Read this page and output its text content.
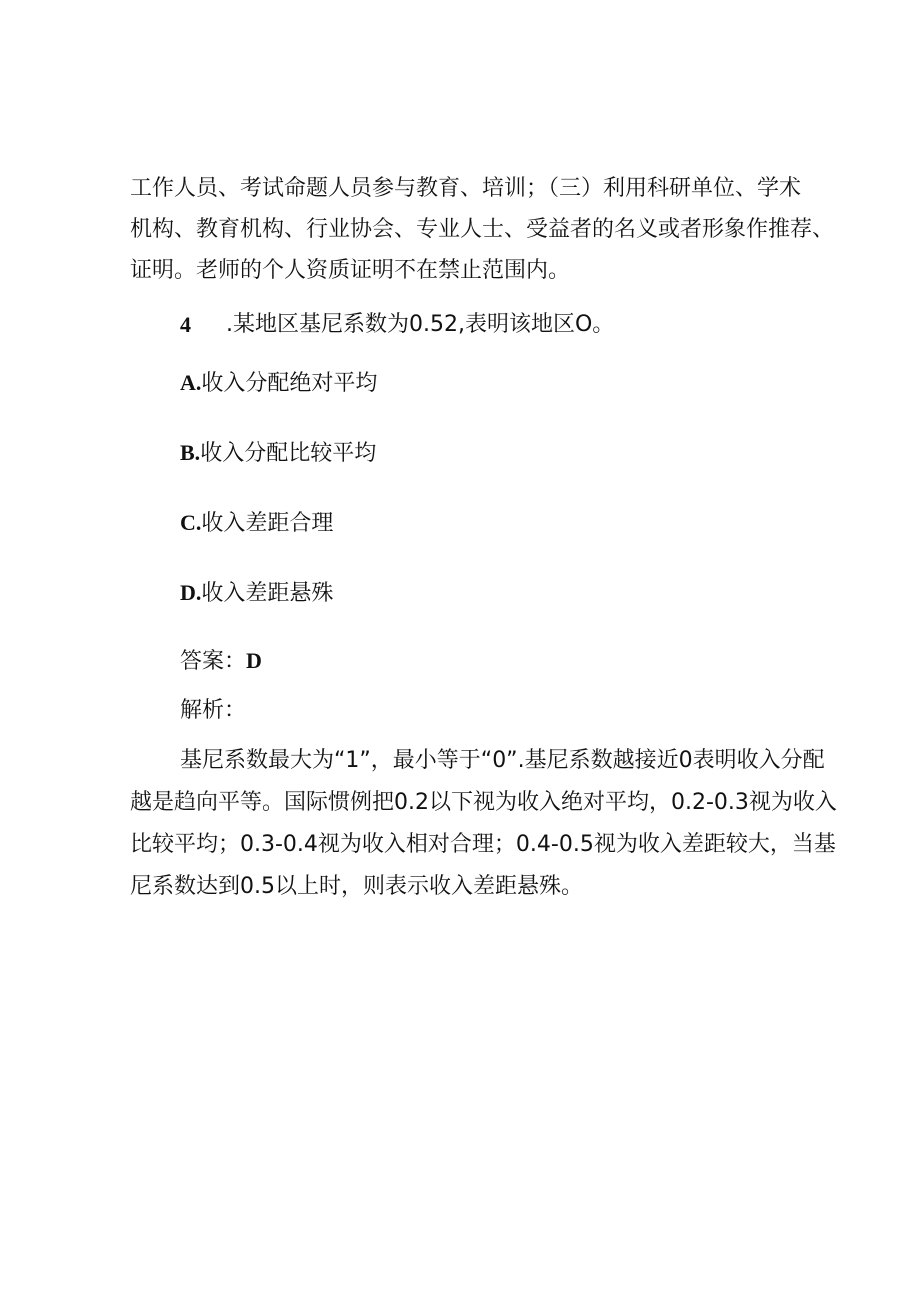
工作人员、考试命题人员参与教育、培训；（三）利用科研单位、学术
机构、教育机构、行业协会、专业人士、受益者的名义或者形象作推荐、
证明。老师的个人资质证明不在禁止范围内。
4 .某地区基尼系数为0.52,表明该地区O。
A.收入分配绝对平均
B.收入分配比较平均
C.收入差距合理
D.收入差距悬殊
答案：D
解析：
基尼系数最大为“1”，最小等于“0”.基尼系数越接近0表明收入分配
越是趋向平等。国际惯例把0.2以下视为收入绝对平均，0.2-0.3视为收入
比较平均；0.3-0.4视为收入相对合理；0.4-0.5视为收入差距较大，当基
尼系数达到0.5以上时，则表示收入差距悬殊。
